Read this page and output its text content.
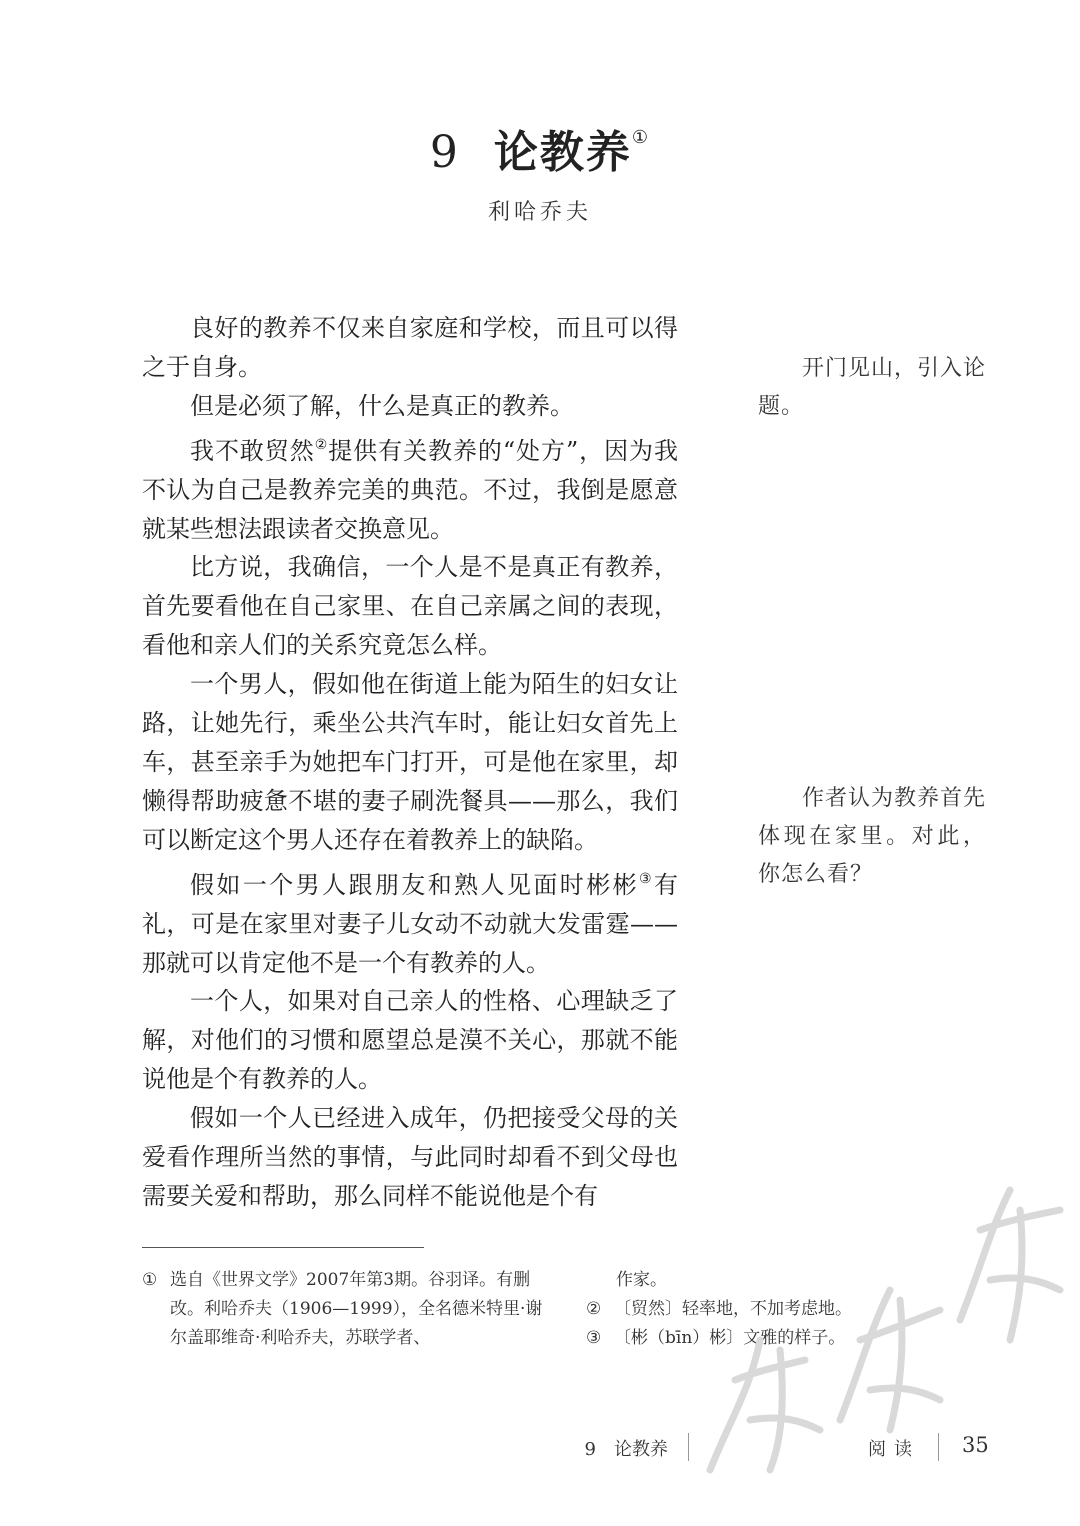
9 论教养①
利哈乔夫

良好的教养不仅来自家庭和学校，而且可以得之于自身。

但是必须了解，什么是真正的教养。

我不敢贸然②提供有关教养的“处方”，因为我不认为自己是教养完美的典范。不过，我倒是愿意就某些想法跟读者交换意见。

比方说，我确信，一个人是不是真正有教养，首先要看他在自己家里、在自己亲属之间的表现，看他和亲人们的关系究竟怎么样。

一个男人，假如他在街道上能为陌生的妇女让路，让她先行，乘坐公共汽车时，能让妇女首先上车，甚至亲手为她把车门打开，可是他在家里，却懒得帮助疲惫不堪的妻子刷洗餐具——那么，我们可以断定这个男人还存在着教养上的缺陷。

假如一个男人跟朋友和熟人见面时彬彬③有礼，可是在家里对妻子儿女动不动就大发雷霆——那就可以肯定他不是一个有教养的人。

一个人，如果对自己亲人的性格、心理缺乏了解，对他们的习惯和愿望总是漠不关心，那就不能说他是个有教养的人。

假如一个人已经进入成年，仍把接受父母的关爱看作理所当然的事情，与此同时却看不到父母也需要关爱和帮助，那么同样不能说他是个有

开门见山，引入论题。

作者认为教养首先体现在家里。对此，你怎么看？

① 选自《世界文学》2007年第3期。谷羽译。有删改。利哈乔夫（1906—1999），全名德米特里·谢尔盖耶维奇·利哈乔夫，苏联学者、
作家。
② 〔贸然〕轻率地，不加考虑地。
③ 〔彬（bīn）彬〕文雅的样子。
9　论教养	阅读 35
